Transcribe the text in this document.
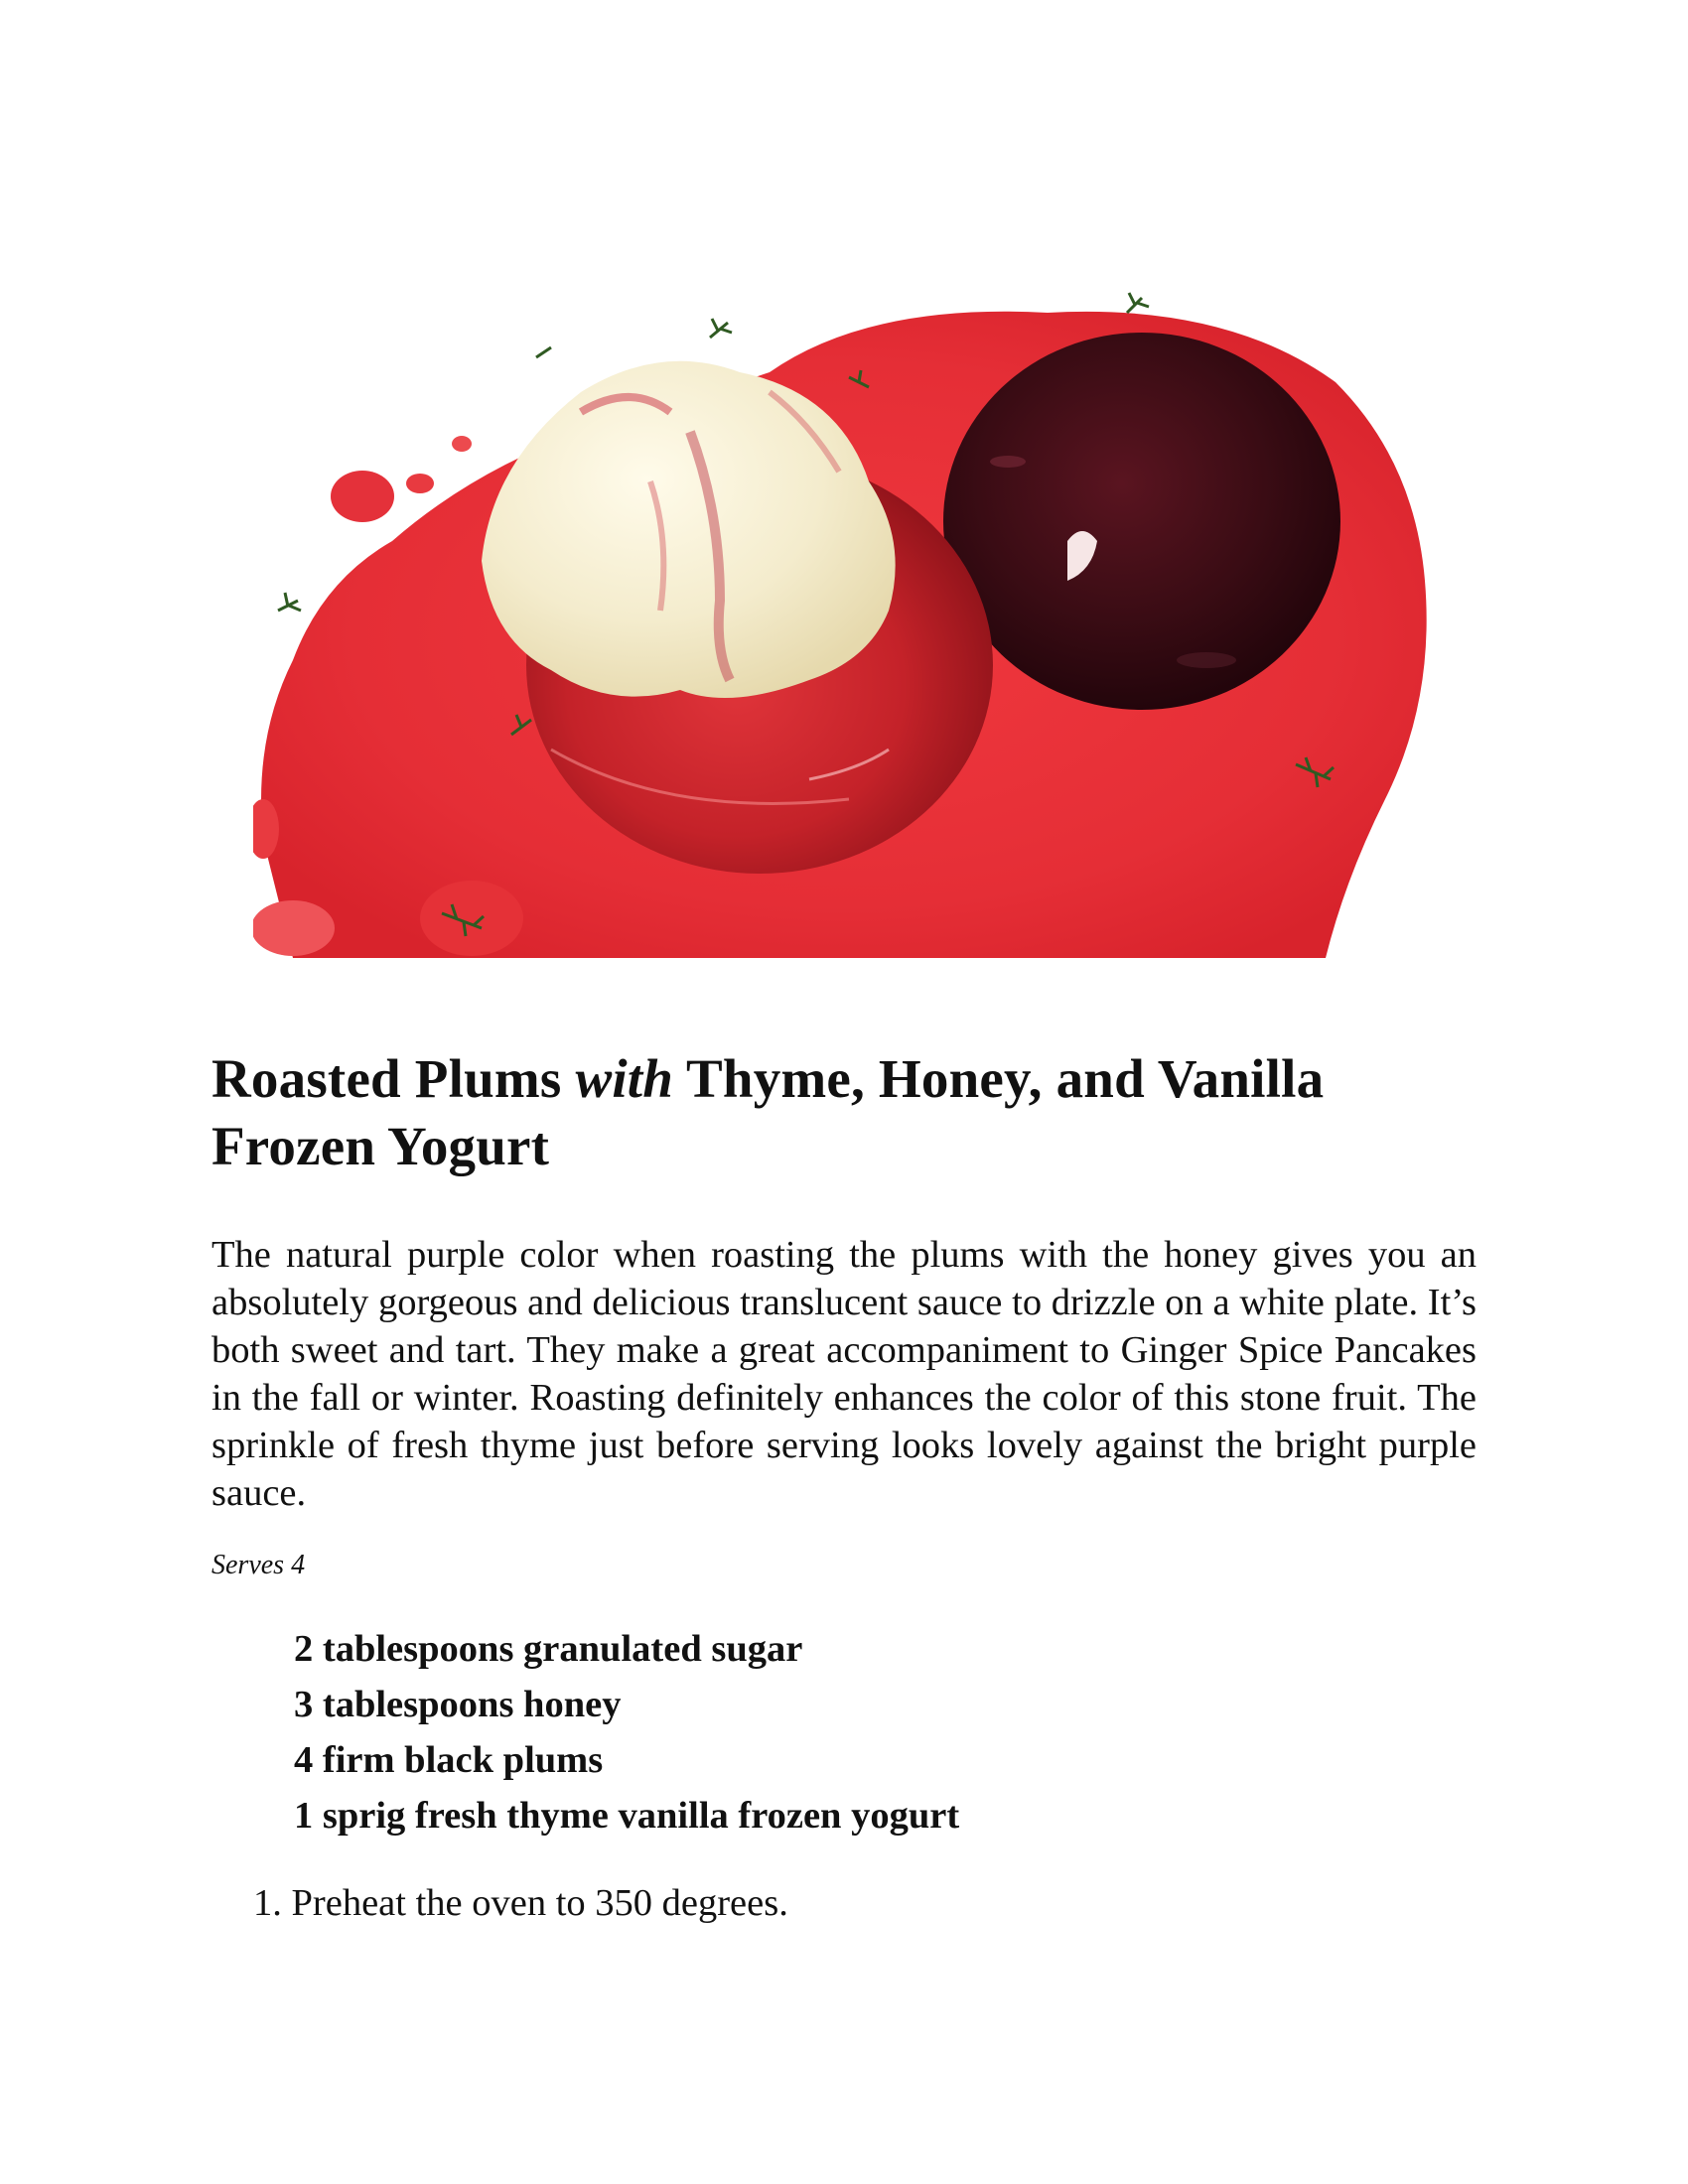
Roasted Plums with Thyme, Honey, and Vanilla Frozen Yogurt

The natural purple color when roasting the plums with the honey gives you an absolutely gorgeous and delicious translucent sauce to drizzle on a white plate. It’s both sweet and tart. They make a great accompaniment to Ginger Spice Pancakes in the fall or winter. Roasting definitely enhances the color of this stone fruit. The sprinkle of fresh thyme just before serving looks lovely against the bright purple sauce.

Serves 4

2 tablespoons granulated sugar
3 tablespoons honey
4 firm black plums
1 sprig fresh thyme vanilla frozen yogurt
1. Preheat the oven to 350 degrees.
